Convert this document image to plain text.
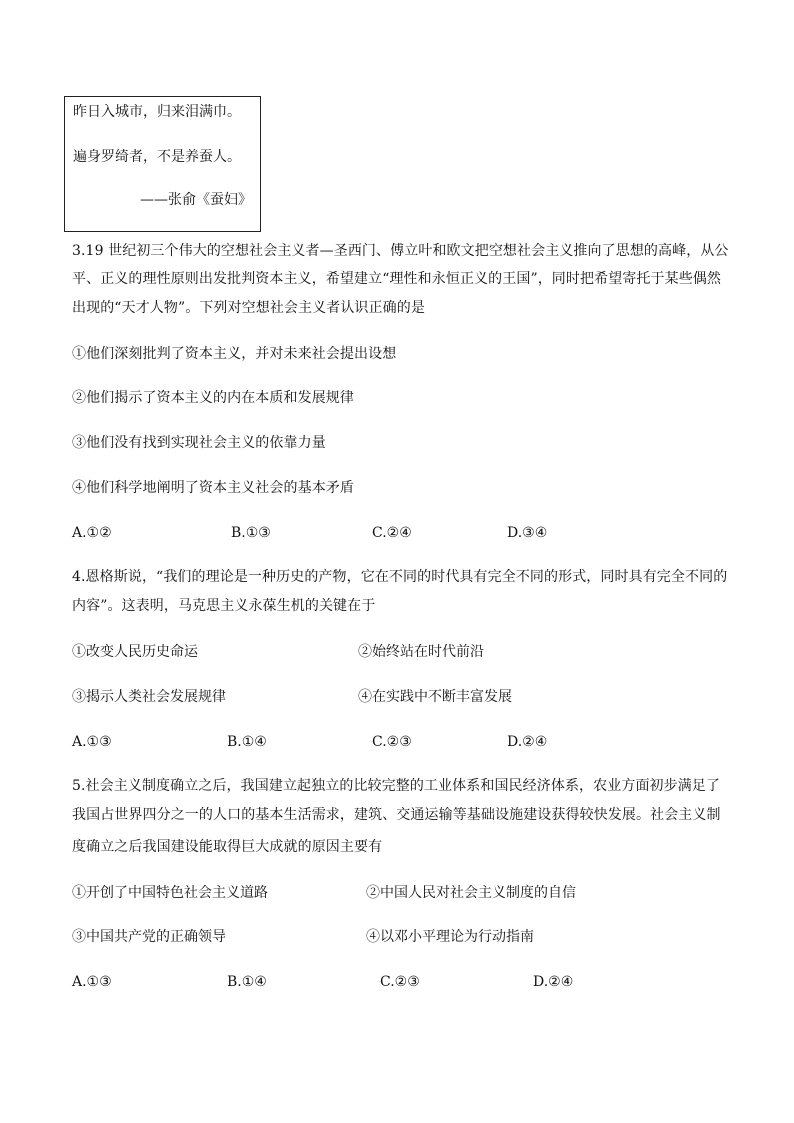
昨日入城市，归来泪满巾。
遍身罗绮者，不是养蚕人。
——张俞《蚕妇》
3.19 世纪初三个伟大的空想社会主义者—圣西门、傅立叶和欧文把空想社会主义推向了思想的高峰，从公
平、正义的理性原则出发批判资本主义，希望建立“理性和永恒正义的王国”，同时把希望寄托于某些偶然
出现的“天才人物”。下列对空想社会主义者认识正确的是
①他们深刻批判了资本主义，并对未来社会提出设想
②他们揭示了资本主义的内在本质和发展规律
③他们没有找到实现社会主义的依靠力量
④他们科学地阐明了资本主义社会的基本矛盾
A.①②	B.①③	C.②④	D.③④
4.恩格斯说，“我们的理论是一种历史的产物，它在不同的时代具有完全不同的形式，同时具有完全不同的
内容”。这表明，马克思主义永葆生机的关键在于
①改变人民历史命运	②始终站在时代前沿
③揭示人类社会发展规律	④在实践中不断丰富发展
A.①③	B.①④	C.②③	D.②④
5.社会主义制度确立之后，我国建立起独立的比较完整的工业体系和国民经济体系，农业方面初步满足了
我国占世界四分之一的人口的基本生活需求，建筑、交通运输等基础设施建设获得较快发展。社会主义制
度确立之后我国建设能取得巨大成就的原因主要有
①开创了中国特色社会主义道路	②中国人民对社会主义制度的自信
③中国共产党的正确领导	④以邓小平理论为行动指南
A.①③	B.①④	C.②③	D.②④
